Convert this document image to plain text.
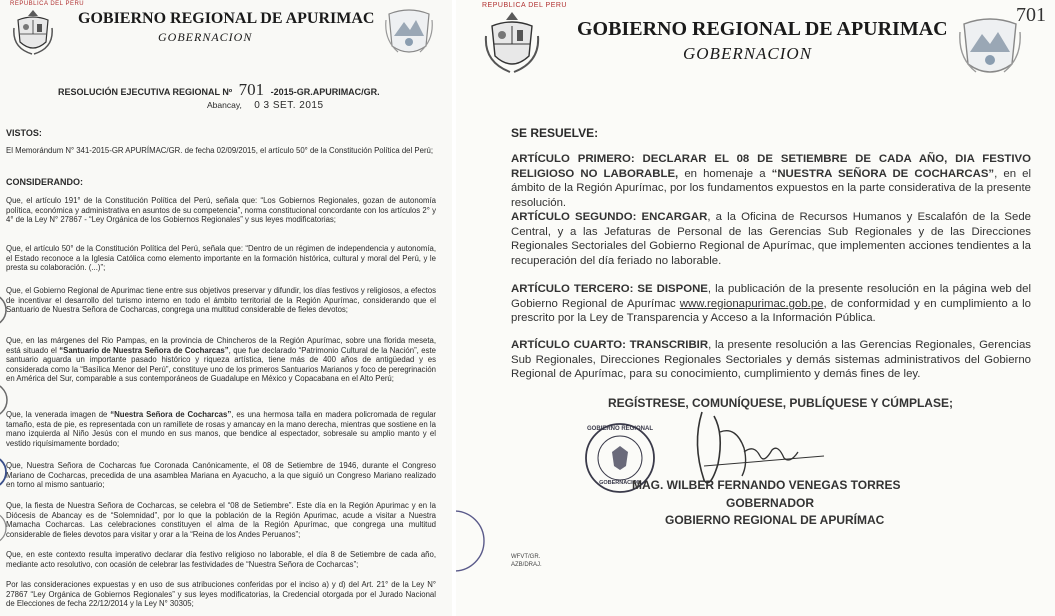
REPUBLICA DEL PERÚ
GOBIERNO REGIONAL DE APURIMAC
GOBERNACION
RESOLUCIÓN EJECUTIVA REGIONAL Nº 701 -2015-GR.APURIMAC/GR.
Abancay, 0 3 SET. 2015
VISTOS:
El Memorándum N° 341-2015-GR APURÍMAC/GR. de fecha 02/09/2015, el artículo 50° de la Constitución Política del Perú;
CONSIDERANDO:
Que, el artículo 191° de la Constitución Política del Perú, señala que: “Los Gobiernos Regionales, gozan de autonomía política, económica y administrativa en asuntos de su competencia”, norma constitucional concordante con los artículos 2° y 4° de la Ley N° 27867 - “Ley Orgánica de los Gobiernos Regionales” y sus leyes modificatorias;
Que, el artículo 50° de la Constitución Política del Perú, señala que: “Dentro de un régimen de independencia y autonomía, el Estado reconoce a la Iglesia Católica como elemento importante en la formación histórica, cultural y moral del Perú, y le presta su colaboración. (...)”;
Que, el Gobierno Regional de Apurimac tiene entre sus objetivos preservar y difundir, los días festivos y religiosos, a efectos de incentivar el desarrollo del turismo interno en todo el ámbito territorial de la Región Apurímac, considerando que el Santuario de Nuestra Señora de Cocharcas, congrega una multitud considerable de fieles devotos;
Que, en las márgenes del Rio Pampas, en la provincia de Chincheros de la Región Apurímac, sobre una florida meseta, está situado el “Santuario de Nuestra Señora de Cocharcas”, que fue declarado “Patrimonio Cultural de la Nación”, este santuario aguarda un importante pasado histórico y riqueza artística, tiene más de 400 años de antigüedad y es considerada como la “Basílica Menor del Perú”, constituye uno de los primeros Santuarios Marianos y foco de peregrinación en América del Sur, comparable a sus contemporáneos de Guadalupe en México y Copacabana en el Alto Perú;
Que, la venerada imagen de “Nuestra Señora de Cocharcas”, es una hermosa talla en madera policromada de regular tamaño, esta de pie, es representada con un ramillete de rosas y amancay en la mano derecha, mientras que sostiene en la mano izquierda al Niño Jesús con el mundo en sus manos, que bendice al espectador, sobresale su amplio manto y el vestido riquísimamente bordado;
Que, Nuestra Señora de Cocharcas fue Coronada Canónicamente, el 08 de Setiembre de 1946, durante el Congreso Mariano de Cocharcas, precedida de una asamblea Mariana en Ayacucho, a la que siguió un Congreso Mariano realizado en torno al mismo santuario;
Que, la fiesta de Nuestra Señora de Cocharcas, se celebra el “08 de Setiembre”. Este día en la Región Apurimac y en la Diócesis de Abancay es de “Solemnidad”, por lo que la población de la Región Apurimac, acude a visitar a Nuestra Mamacha Cocharcas. Las celebraciones constituyen el alma de la Región Apurímac, que congrega una multitud considerable de fieles devotos para visitar y orar a la “Reina de los Andes Peruanos”;
Que, en este contexto resulta imperativo declarar día festivo religioso no laborable, el día 8 de Setiembre de cada año, mediante acto resolutivo, con ocasión de celebrar las festividades de “Nuestra Señora de Cocharcas”;
Por las consideraciones expuestas y en uso de sus atribuciones conferidas por el inciso a) y d) del Art. 21° de la Ley N° 27867 “Ley Orgánica de Gobiernos Regionales” y sus leyes modificatorias, la Credencial otorgada por el Jurado Nacional de Elecciones de fecha 22/12/2014 y la Ley N° 30305;
REPUBLICA DEL PERU
GOBIERNO REGIONAL DE APURIMAC
GOBERNACION
701
SE RESUELVE:
ARTÍCULO PRIMERO: DECLARAR EL 08 DE SETIEMBRE DE CADA AÑO, DIA FESTIVO RELIGIOSO NO LABORABLE, en homenaje a “NUESTRA SEÑORA DE COCHARCAS”, en el ámbito de la Región Apurímac, por los fundamentos expuestos en la parte considerativa de la presente resolución.
ARTÍCULO SEGUNDO: ENCARGAR, a la Oficina de Recursos Humanos y Escalafón de la Sede Central, y a las Jefaturas de Personal de las Gerencias Sub Regionales y de las Direcciones Regionales Sectoriales del Gobierno Regional de Apurímac, que implementen acciones tendientes a la recuperación del día feriado no laborable.
ARTÍCULO TERCERO: SE DISPONE, la publicación de la presente resolución en la página web del Gobierno Regional de Apurímac www.regionapurimac.gob.pe, de conformidad y en cumplimiento a lo prescrito por la Ley de Transparencia y Acceso a la Información Pública.
ARTÍCULO CUARTO: TRANSCRIBIR, la presente resolución a las Gerencias Regionales, Gerencias Sub Regionales, Direcciones Regionales Sectoriales y demás sistemas administrativos del Gobierno Regional de Apurímac, para su conocimiento, cumplimiento y demás fines de ley.
REGÍSTRESE, COMUNÍQUESE, PUBLÍQUESE Y CÚMPLASE;
GOBIERNO REGIONAL
GOBERNACION
MAG. WILBER FERNANDO VENEGAS TORRES
GOBERNADOR
GOBIERNO REGIONAL DE APURÍMAC
WFVT/GR.
AZB/DRAJ.
